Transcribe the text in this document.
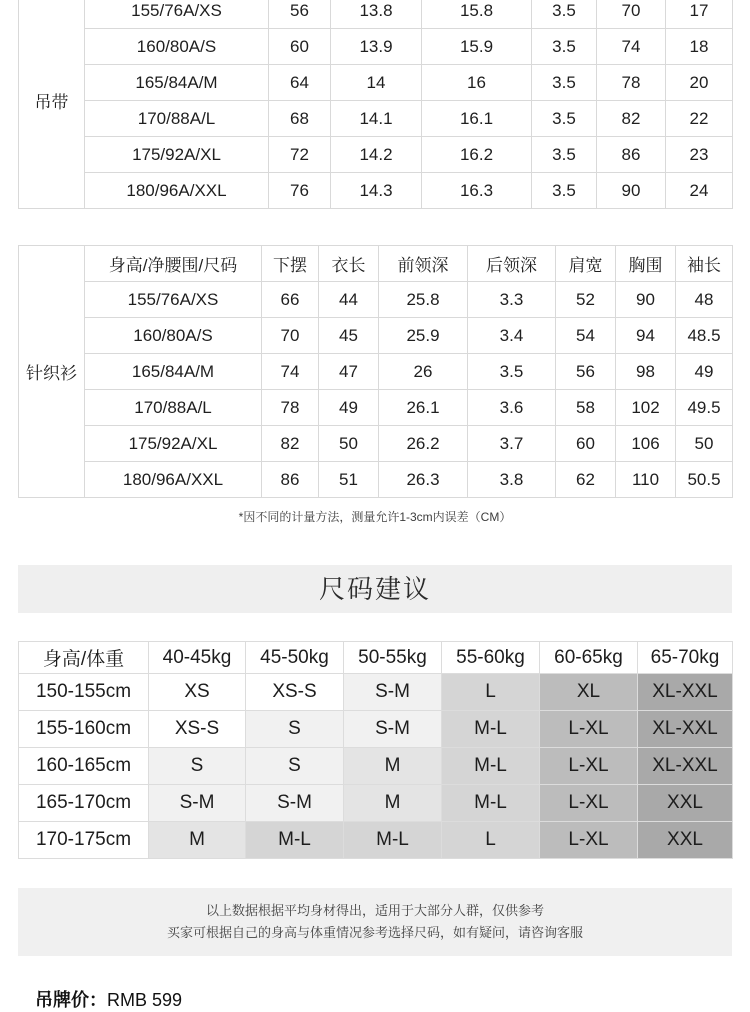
吊带	155/76A/XS	56	13.8	15.8	3.5	70	17
	160/80A/S	60	13.9	15.9	3.5	74	18
	165/84A/M	64	14	16	3.5	78	20
	170/88A/L	68	14.1	16.1	3.5	82	22
	175/92A/XL	72	14.2	16.2	3.5	86	23
	180/96A/XXL	76	14.3	16.3	3.5	90	24
针织衫	身高/净腰围/尺码	下摆	衣长	前领深	后领深	肩宽	胸围	袖长
	155/76A/XS	66	44	25.8	3.3	52	90	48
	160/80A/S	70	45	25.9	3.4	54	94	48.5
	165/84A/M	74	47	26	3.5	56	98	49
	170/88A/L	78	49	26.1	3.6	58	102	49.5
	175/92A/XL	82	50	26.2	3.7	60	106	50
	180/96A/XXL	86	51	26.3	3.8	62	110	50.5
*因不同的计量方法，测量允许1-3cm内误差（CM）
尺码建议
身高/体重	40-45kg	45-50kg	50-55kg	55-60kg	60-65kg	65-70kg
150-155cm	XS	XS-S	S-M	L	XL	XL-XXL
155-160cm	XS-S	S	S-M	M-L	L-XL	XL-XXL
160-165cm	S	S	M	M-L	L-XL	XL-XXL
165-170cm	S-M	S-M	M	M-L	L-XL	XXL
170-175cm	M	M-L	M-L	L	L-XL	XXL
以上数据根据平均身材得出，适用于大部分人群，仅供参考
买家可根据自己的身高与体重情况参考选择尺码，如有疑问，请咨询客服
吊牌价：RMB 599
